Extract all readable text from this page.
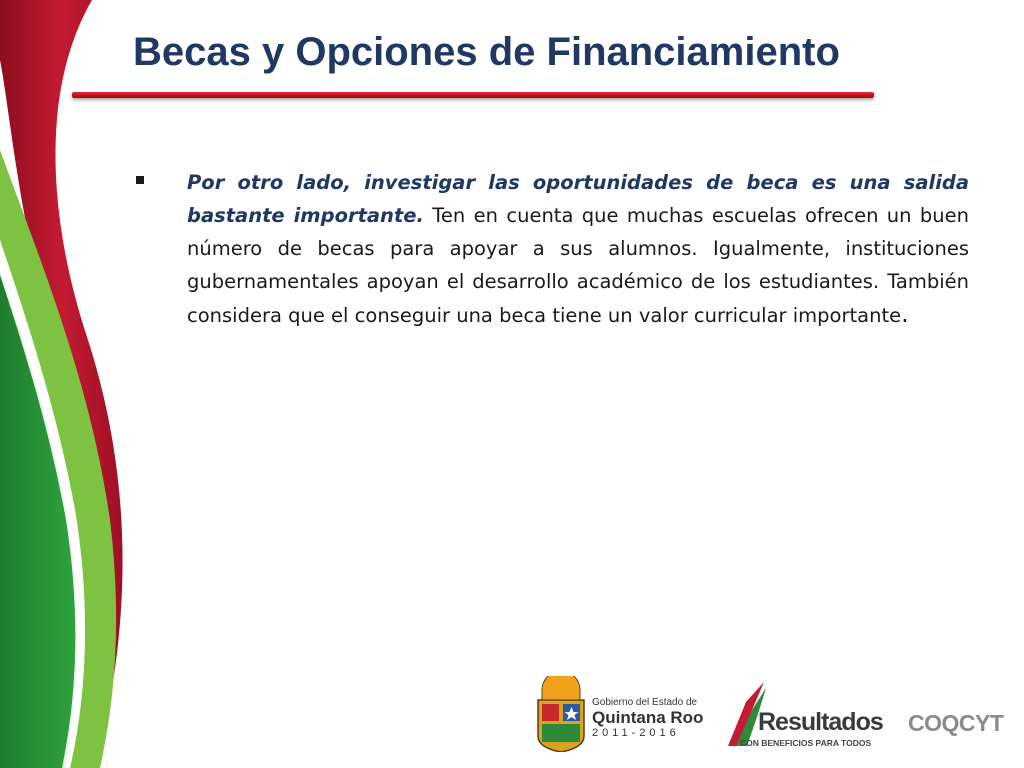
Becas y Opciones de Financiamiento

Por otro lado, investigar las oportunidades de beca es una salida bastante importante. Ten en cuenta que muchas escuelas ofrecen un buen número de becas para apoyar a sus alumnos. Igualmente, instituciones gubernamentales apoyan el desarrollo académico de los estudiantes. También considera que el conseguir una beca tiene un valor curricular importante.

Gobierno del Estado de
Quintana Roo
2011-2016	Resultados
CON BENEFICIOS PARA TODOS
COQCYT
